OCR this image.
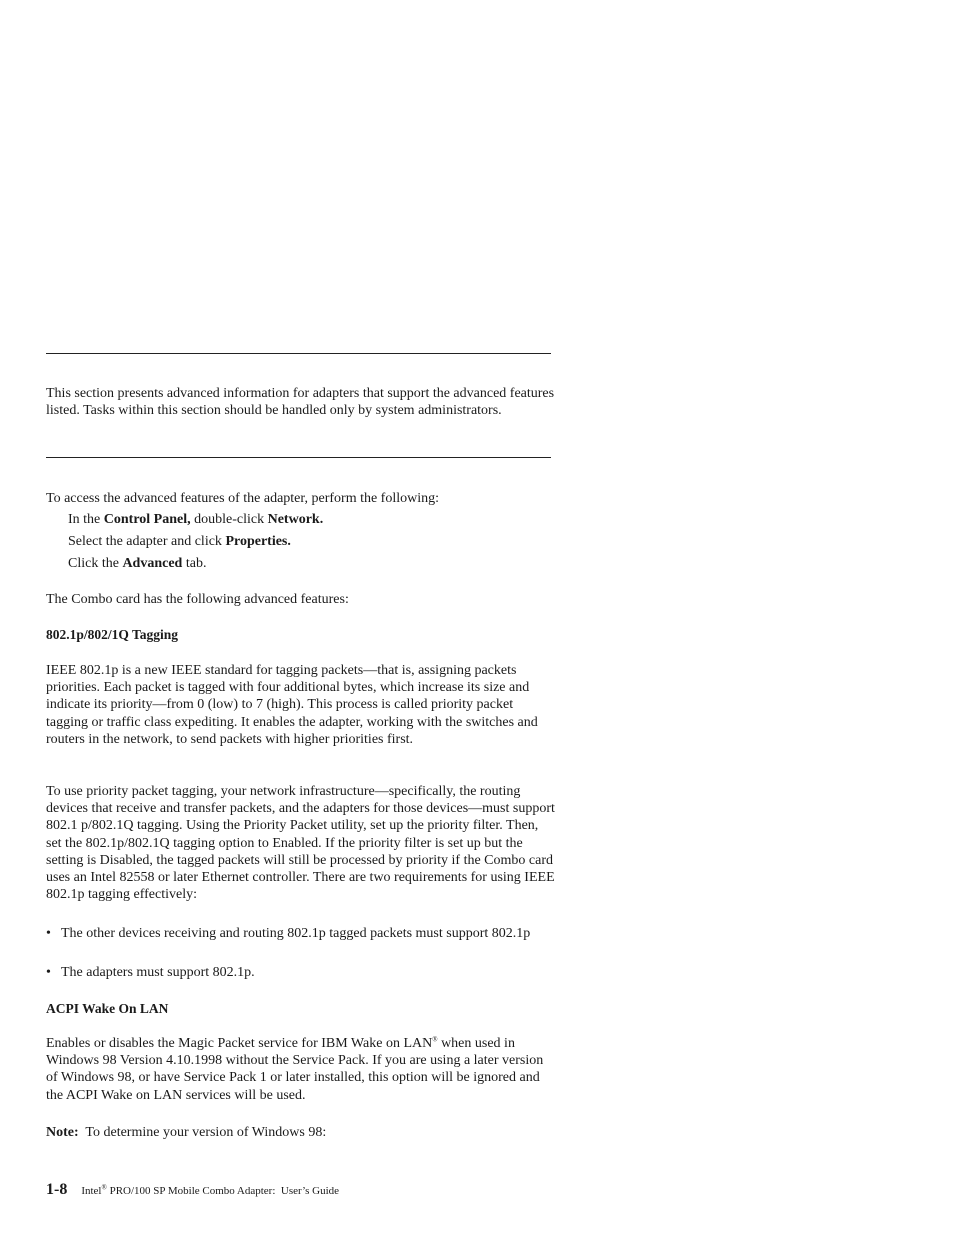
This section presents advanced information for adapters that support the advanced features listed. Tasks within this section should be handled only by system administrators.

To access the advanced features of the adapter, perform the following:

In the Control Panel, double-click Network.

Select the adapter and click Properties.

Click the Advanced tab.

The Combo card has the following advanced features:

802.1p/802/1Q Tagging

IEEE 802.1p is a new IEEE standard for tagging packets—that is, assigning packets priorities. Each packet is tagged with four additional bytes, which increase its size and indicate its priority—from 0 (low) to 7 (high). This process is called priority packet tagging or traffic class expediting. It enables the adapter, working with the switches and routers in the network, to send packets with higher priorities first.

To use priority packet tagging, your network infrastructure—specifically, the routing devices that receive and transfer packets, and the adapters for those devices—must support 802.1 p/802.1Q tagging. Using the Priority Packet utility, set up the priority filter. Then, set the 802.1p/802.1Q tagging option to Enabled. If the priority filter is set up but the setting is Disabled, the tagged packets will still be processed by priority if the Combo card uses an Intel 82558 or later Ethernet controller. There are two requirements for using IEEE 802.1p tagging effectively:

• The other devices receiving and routing 802.1p tagged packets must support 802.1p
• The adapters must support 802.1p.
ACPI Wake On LAN

Enables or disables the Magic Packet service for IBM Wake on LAN® when used in Windows 98 Version 4.10.1998 without the Service Pack. If you are using a later version of Windows 98, or have Service Pack 1 or later installed, this option will be ignored and the ACPI Wake on LAN services will be used.

Note:  To determine your version of Windows 98:

1-8 Intel® PRO/100 SP Mobile Combo Adapter:  User’s Guide
